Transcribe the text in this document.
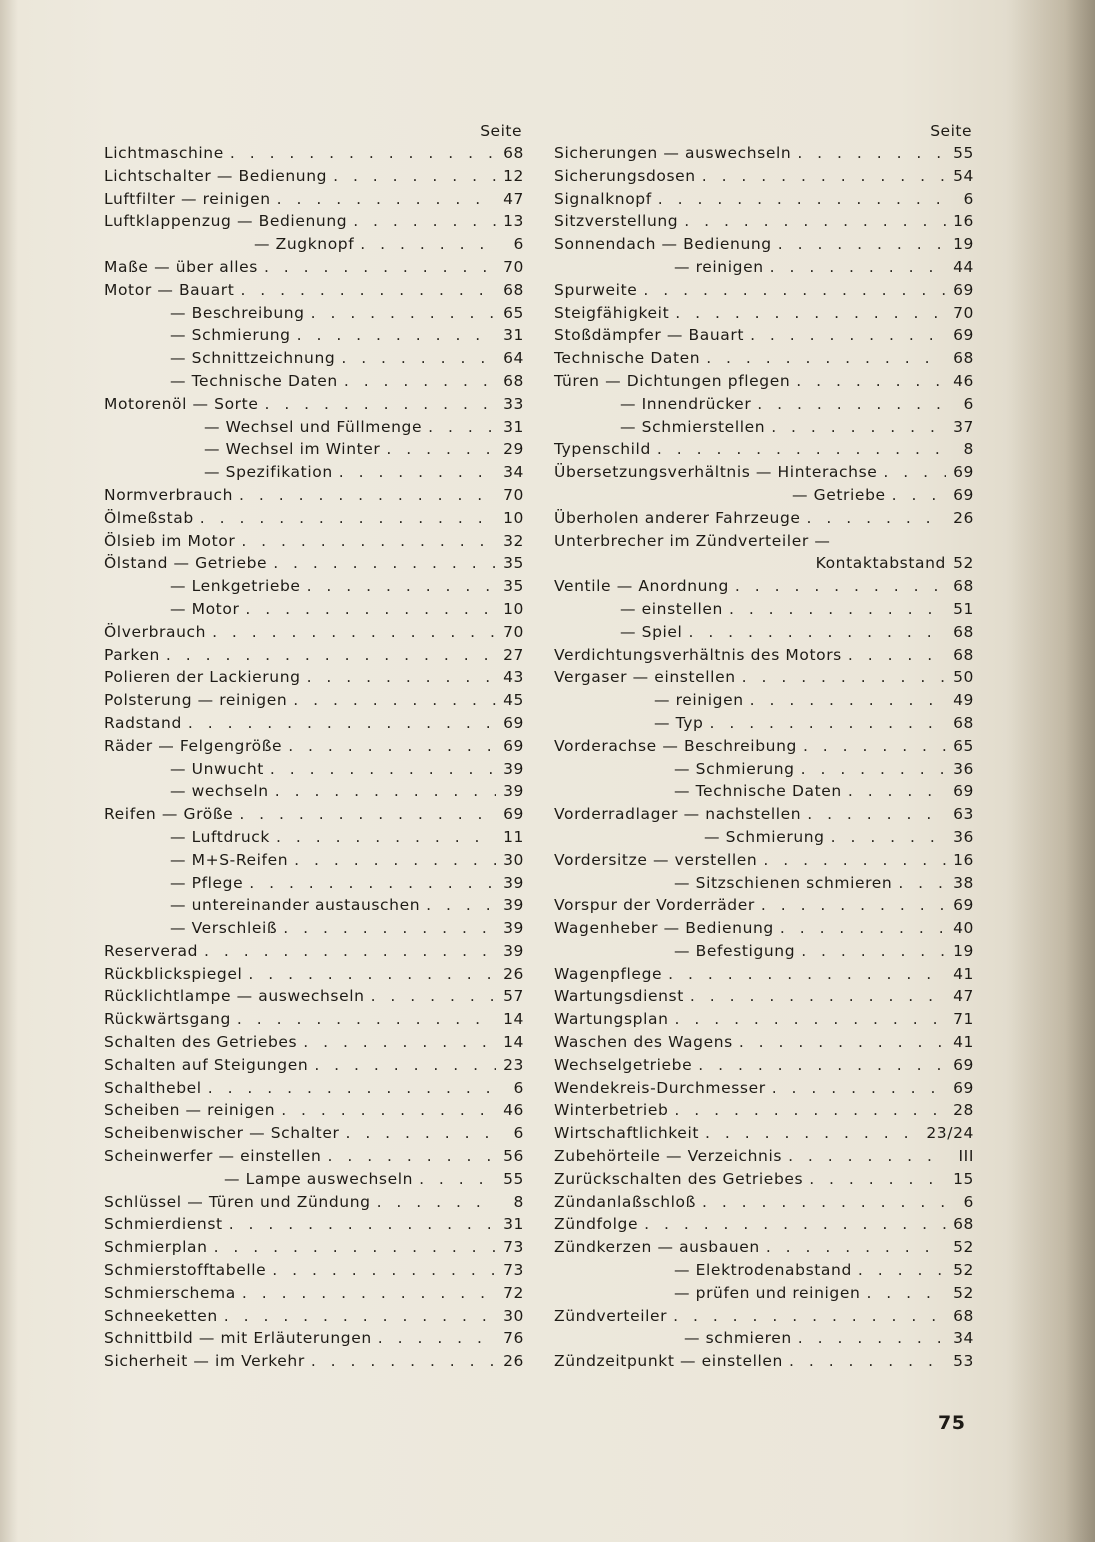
Seite
Lichtmaschine . . .	68
Lichtschalter — Bedienung . . .	12
Luftfilter — reinigen . . .	47
Luftklappenzug — Bedienung . . .	13
— Zugknopf . . .	6
Maße — über alles . . .	70
Motor — Bauart . . .	68
— Beschreibung . . .	65
— Schmierung . . .	31
— Schnittzeichnung . . .	64
— Technische Daten . . .	68
Motorenöl — Sorte . . .	33
— Wechsel und Füllmenge . . .	31
— Wechsel im Winter . . .	29
— Spezifikation . . .	34
Normverbrauch . . .	70
Ölmeßstab . . .	10
Ölsieb im Motor . . .	32
Ölstand — Getriebe . . .	35
— Lenkgetriebe . . .	35
— Motor . . .	10
Ölverbrauch . . .	70
Parken . . .	27
Polieren der Lackierung . . .	43
Polsterung — reinigen . . .	45
Radstand . . .	69
Räder — Felgengröße . . .	69
— Unwucht . . .	39
— wechseln . . .	39
Reifen — Größe . . .	69
— Luftdruck . . .	11
— M+S-Reifen . . .	30
— Pflege . . .	39
— untereinander austauschen . . .	39
— Verschleiß . . .	39
Reserverad . . .	39
Rückblickspiegel . . .	26
Rücklichtlampe — auswechseln . . .	57
Rückwärtsgang . . .	14
Schalten des Getriebes . . .	14
Schalten auf Steigungen . . .	23
Schalthebel . . .	6
Scheiben — reinigen . . .	46
Scheibenwischer — Schalter . . .	6
Scheinwerfer — einstellen . . .	56
— Lampe auswechseln . . .	55
Schlüssel — Türen und Zündung . . .	8
Schmierdienst . . .	31
Schmierplan . . .	73
Schmierstofftabelle . . .	73
Schmierschema . . .	72
Schneeketten . . .	30
Schnittbild — mit Erläuterungen . . .	76
Sicherheit — im Verkehr . . .	26
Seite
Sicherungen — auswechseln . . .	55
Sicherungsdosen . . .	54
Signalknopf . . .	6
Sitzverstellung . . .	16
Sonnendach — Bedienung . . .	19
— reinigen . . .	44
Spurweite . . .	69
Steigfähigkeit . . .	70
Stoßdämpfer — Bauart . . .	69
Technische Daten . . .	68
Türen — Dichtungen pflegen . . .	46
— Innendrücker . . .	6
— Schmierstellen . . .	37
Typenschild . . .	8
Übersetzungsverhältnis — Hinterachse . . .	69
— Getriebe . . .	69
Überholen anderer Fahrzeuge . . .	26
Unterbrecher im Zündverteiler —
Kontaktabstand 52
Ventile — Anordnung . . .	68
— einstellen . . .	51
— Spiel . . .	68
Verdichtungsverhältnis des Motors . . .	68
Vergaser — einstellen . . .	50
— reinigen . . .	49
— Typ . . .	68
Vorderachse — Beschreibung . . .	65
— Schmierung . . .	36
— Technische Daten . . .	69
Vorderradlager — nachstellen . . .	63
— Schmierung . . .	36
Vordersitze — verstellen . . .	16
— Sitzschienen schmieren . . .	38
Vorspur der Vorderräder . . .	69
Wagenheber — Bedienung . . .	40
— Befestigung . . .	19
Wagenpflege . . .	41
Wartungsdienst . . .	47
Wartungsplan . . .	71
Waschen des Wagens . . .	41
Wechselgetriebe . . .	69
Wendekreis-Durchmesser . . .	69
Winterbetrieb . . .	28
Wirtschaftlichkeit . . .	23/24
Zubehörteile — Verzeichnis . . .	III
Zurückschalten des Getriebes . . .	15
Zündanlaßschloß . . .	6
Zündfolge . . .	68
Zündkerzen — ausbauen . . .	52
— Elektrodenabstand . . .	52
— prüfen und reinigen . . .	52
Zündverteiler . . .	68
— schmieren . . .	34
Zündzeitpunkt — einstellen . . .	53
75
